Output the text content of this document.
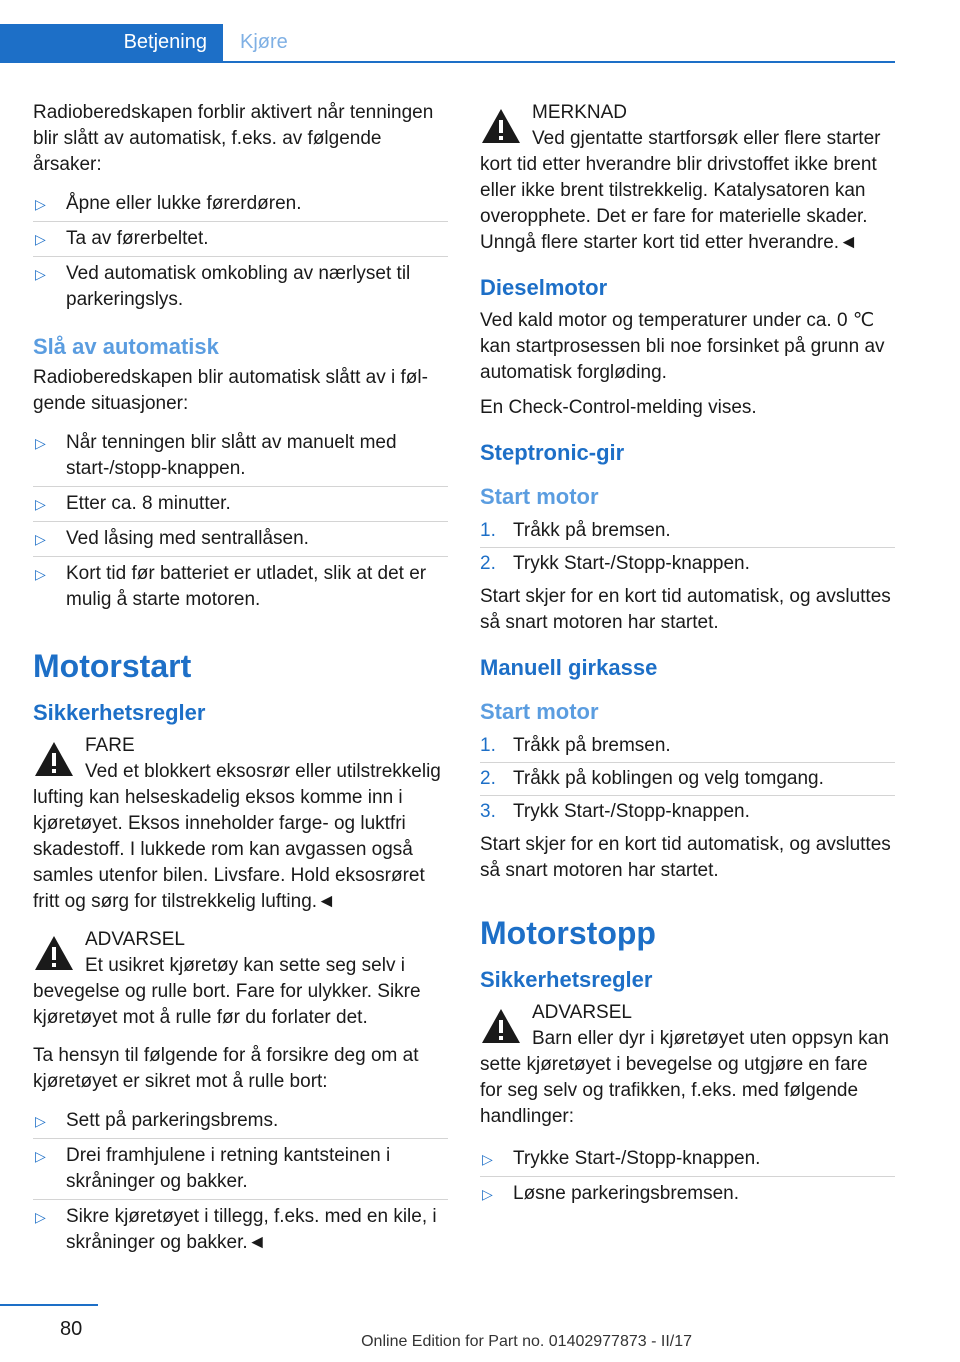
Betjening	Kjøre

Radioberedskapen forblir aktivert når tenningen blir slått av automatisk, f.eks. av følgende årsaker:

▷ Åpne eller lukke førerdøren.
▷ Ta av førerbeltet.
▷ Ved automatisk omkobling av nærlyset til parkeringslys.
Slå av automatisk

Radioberedskapen blir automatisk slått av i følgende situasjoner:

▷ Når tenningen blir slått av manuelt med start-/stopp-knappen.
▷ Etter ca. 8 minutter.
▷ Ved låsing med sentrallåsen.
▷ Kort tid før batteriet er utladet, slik at det er mulig å starte motoren.
Motorstart
Sikkerhetsregler
FARE
Ved et blokkert eksosrør eller utilstrekkelig lufting kan helseskadelig eksos komme inn i kjøretøyet. Eksos inneholder farge- og luktfri skadestoff. I lukkede rom kan avgassen også samles utenfor bilen. Livsfare. Hold eksosrøret fritt og sørg for tilstrekkelig lufting.◄
ADVARSEL
Et usikret kjøretøy kan sette seg selv i bevegelse og rulle bort. Fare for ulykker. Sikre kjøretøyet mot å rulle før du forlater det.

Ta hensyn til følgende for å forsikre deg om at kjøretøyet er sikret mot å rulle bort:

▷ Sett på parkeringsbrems.
▷ Drei framhjulene i retning kantsteinen i skråninger og bakker.
▷ Sikre kjøretøyet i tillegg, f.eks. med en kile, i skråninger og bakker.◄
MERKNAD
Ved gjentatte startforsøk eller flere starter kort tid etter hverandre blir drivstoffet ikke brent eller ikke brent tilstrekkelig. Katalysatoren kan overopphete. Det er fare for materielle skader. Unngå flere starter kort tid etter hverandre.◄
Dieselmotor

Ved kald motor og temperaturer under ca. 0 ℃ kan startprosessen bli noe forsinket på grunn av automatisk forgløding.

En Check-Control-melding vises.

Steptronic-gir
Start motor
1. Tråkk på bremsen.
2. Trykk Start-/Stopp-knappen.

Start skjer for en kort tid automatisk, og avsluttes så snart motoren har startet.

Manuell girkasse
Start motor
1. Tråkk på bremsen.
2. Tråkk på koblingen og velg tomgang.
3. Trykk Start-/Stopp-knappen.

Start skjer for en kort tid automatisk, og avsluttes så snart motoren har startet.

Motorstopp
Sikkerhetsregler
ADVARSEL
Barn eller dyr i kjøretøyet uten oppsyn kan sette kjøretøyet i bevegelse og utgjøre en fare for seg selv og trafikken, f.eks. med følgende handlinger:
▷ Trykke Start-/Stopp-knappen.
▷ Løsne parkeringsbremsen.
80
Online Edition for Part no. 01402977873 - II/17
